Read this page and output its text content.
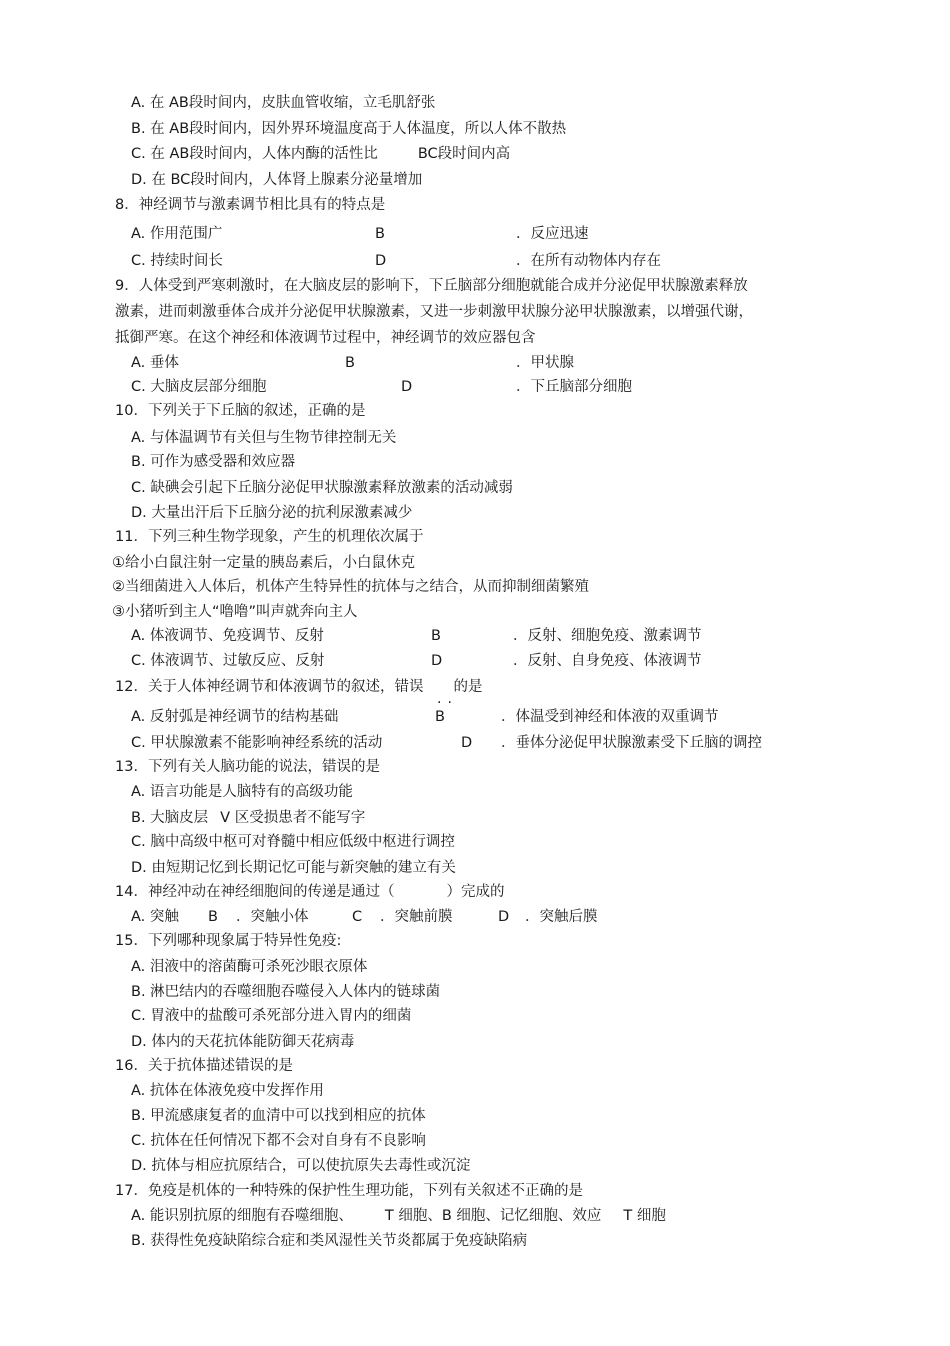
A. 在 AB段时间内，皮肤血管收缩，立毛肌舒张
B. 在 AB段时间内，因外界环境温度高于人体温度，所以人体不散热
C. 在 AB段时间内，人体内酶的活性比	BC段时间内高
D. 在 BC段时间内，人体肾上腺素分泌量增加
8．神经调节与激素调节相比具有的特点是
A. 作用范围广	B	．反应迅速
C. 持续时间长	D	．在所有动物体内存在
9．人体受到严寒刺激时，在大脑皮层的影响下，下丘脑部分细胞就能合成并分泌促甲状腺激素释放
激素，进而刺激垂体合成并分泌促甲状腺激素，又进一步刺激甲状腺分泌甲状腺激素，以增强代谢，
抵御严寒。在这个神经和体液调节过程中，神经调节的效应器包含
A. 垂体	B	．甲状腺
C. 大脑皮层部分细胞	D	．下丘脑部分细胞
10．下列关于下丘脑的叙述，正确的是
A. 与体温调节有关但与生物节律控制无关
B. 可作为感受器和效应器
C. 缺碘会引起下丘脑分泌促甲状腺激素释放激素的活动减弱
D. 大量出汗后下丘脑分泌的抗利尿激素减少
11．下列三种生物学现象，产生的机理依次属于
①给小白鼠注射一定量的胰岛素后，小白鼠休克
②当细菌进入人体后，机体产生特异性的抗体与之结合，从而抑制细菌繁殖
③小猪听到主人“噜噜”叫声就奔向主人
A. 体液调节、免疫调节、反射	B	．反射、细胞免疫、激素调节
C. 体液调节、过敏反应、反射	D	．反射、自身免疫、体液调节
12．关于人体神经调节和体液调节的叙述，错误 的是
..
A. 反射弧是神经调节的结构基础	B	．体温受到神经和体液的双重调节
C. 甲状腺激素不能影响神经系统的活动	D ．垂体分泌促甲状腺激素受下丘脑的调控
13．下列有关人脑功能的说法，错误的是
A. 语言功能是人脑特有的高级功能
B. 大脑皮层 V 区受损患者不能写字
C. 脑中高级中枢可对脊髓中相应低级中枢进行调控
D. 由短期记忆到长期记忆可能与新突触的建立有关
14．神经冲动在神经细胞间的传递是通过（	）完成的
A. 突触 B ．突触小体	C ．突触前膜	D ．突触后膜
15．下列哪种现象属于特异性免疫:
A. 泪液中的溶菌酶可杀死沙眼衣原体
B. 淋巴结内的吞噬细胞吞噬侵入人体内的链球菌
C. 胃液中的盐酸可杀死部分进入胃内的细菌
D. 体内的天花抗体能防御天花病毒
16．关于抗体描述错误的是
A. 抗体在体液免疫中发挥作用
B. 甲流感康复者的血清中可以找到相应的抗体
C. 抗体在任何情况下都不会对自身有不良影响
D. 抗体与相应抗原结合，可以使抗原失去毒性或沉淀
17．免疫是机体的一种特殊的保护性生理功能，下列有关叙述不正确的是
A. 能识别抗原的细胞有吞噬细胞、 T 细胞、B 细胞、记忆细胞、效应 T 细胞
B. 获得性免疫缺陷综合症和类风湿性关节炎都属于免疫缺陷病
